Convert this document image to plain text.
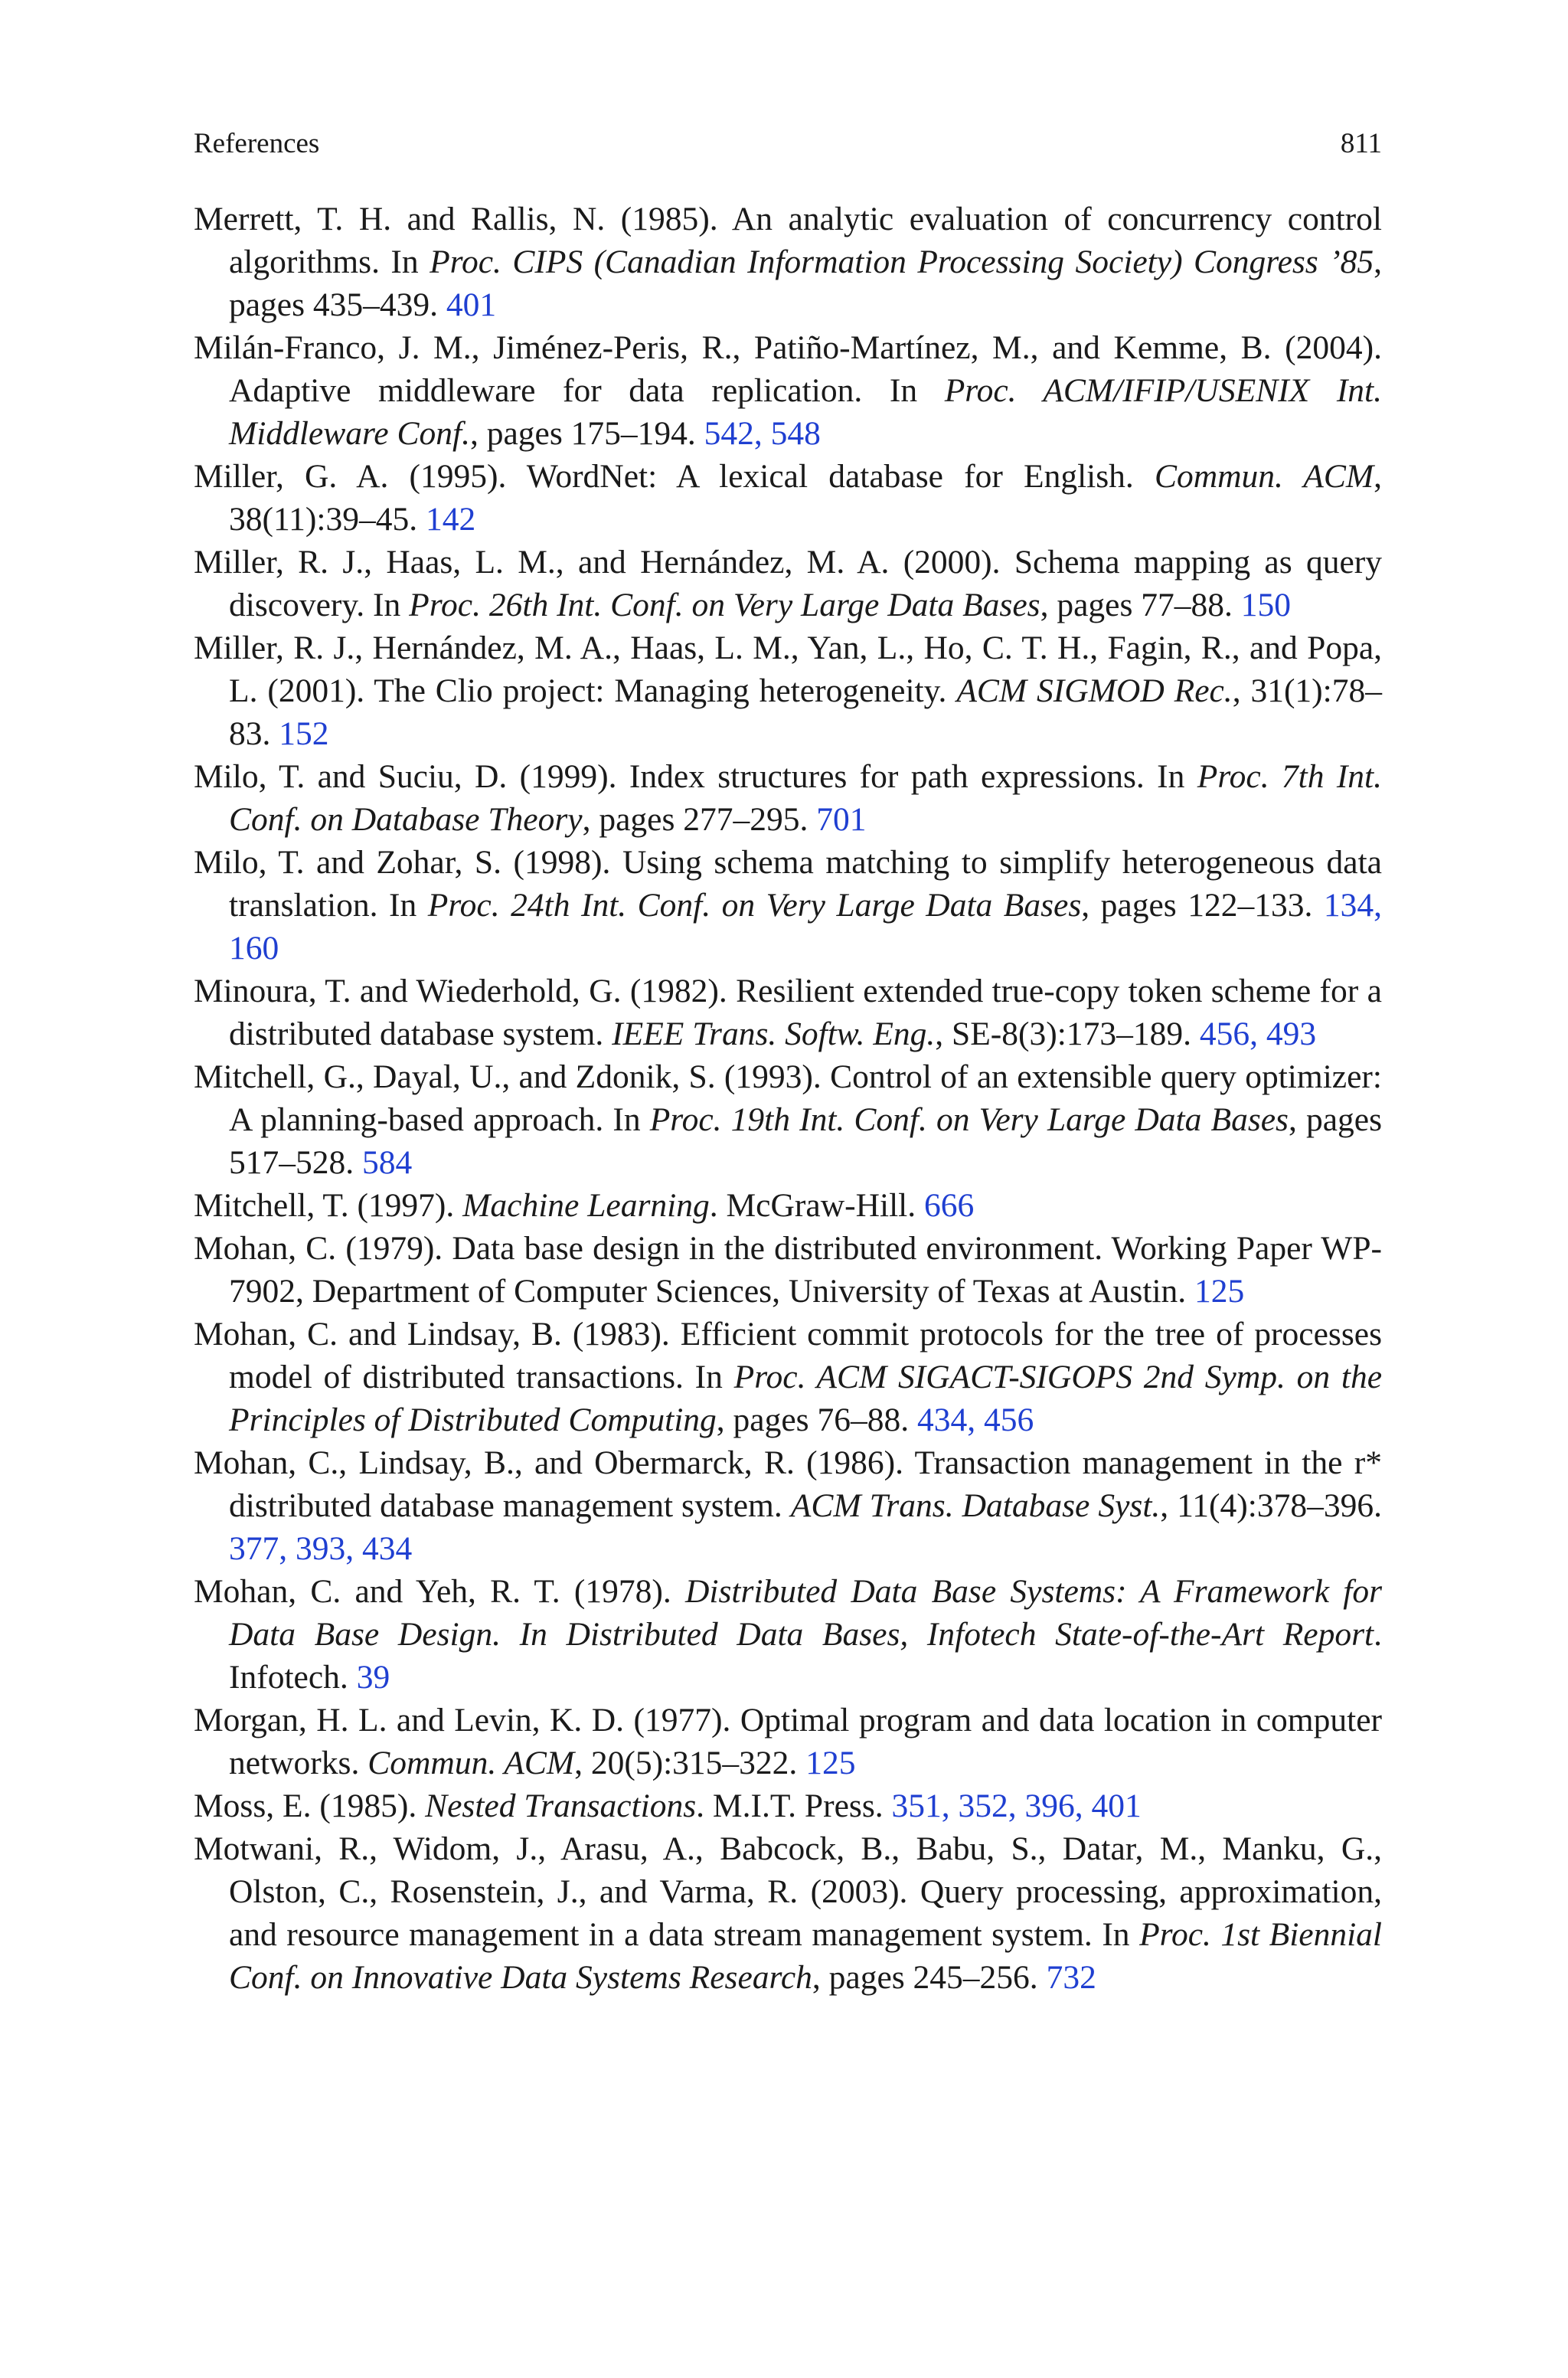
References	811

Merrett, T. H. and Rallis, N. (1985). An analytic evaluation of concurrency control algorithms. In Proc. CIPS (Canadian Information Processing Society) Congress ’85, pages 435–439. 401

Milán-Franco, J. M., Jiménez-Peris, R., Patiño-Martínez, M., and Kemme, B. (2004). Adaptive middleware for data replication. In Proc. ACM/IFIP/USENIX Int. Middleware Conf., pages 175–194. 542, 548

Miller, G. A. (1995). WordNet: A lexical database for English. Commun. ACM, 38(11):39–45. 142

Miller, R. J., Haas, L. M., and Hernández, M. A. (2000). Schema mapping as query discovery. In Proc. 26th Int. Conf. on Very Large Data Bases, pages 77–88. 150

Miller, R. J., Hernández, M. A., Haas, L. M., Yan, L., Ho, C. T. H., Fagin, R., and Popa, L. (2001). The Clio project: Managing heterogeneity. ACM SIGMOD Rec., 31(1):78–83. 152

Milo, T. and Suciu, D. (1999). Index structures for path expressions. In Proc. 7th Int. Conf. on Database Theory, pages 277–295. 701

Milo, T. and Zohar, S. (1998). Using schema matching to simplify heterogeneous data translation. In Proc. 24th Int. Conf. on Very Large Data Bases, pages 122–133. 134, 160

Minoura, T. and Wiederhold, G. (1982). Resilient extended true-copy token scheme for a distributed database system. IEEE Trans. Softw. Eng., SE-8(3):173–189. 456, 493

Mitchell, G., Dayal, U., and Zdonik, S. (1993). Control of an extensible query optimizer: A planning-based approach. In Proc. 19th Int. Conf. on Very Large Data Bases, pages 517–528. 584

Mitchell, T. (1997). Machine Learning. McGraw-Hill. 666

Mohan, C. (1979). Data base design in the distributed environment. Working Paper WP-7902, Department of Computer Sciences, University of Texas at Austin. 125

Mohan, C. and Lindsay, B. (1983). Efficient commit protocols for the tree of processes model of distributed transactions. In Proc. ACM SIGACT-SIGOPS 2nd Symp. on the Principles of Distributed Computing, pages 76–88. 434, 456

Mohan, C., Lindsay, B., and Obermarck, R. (1986). Transaction management in the r* distributed database management system. ACM Trans. Database Syst., 11(4):378–396. 377, 393, 434

Mohan, C. and Yeh, R. T. (1978). Distributed Data Base Systems: A Framework for Data Base Design. In Distributed Data Bases, Infotech State-of-the-Art Report. Infotech. 39

Morgan, H. L. and Levin, K. D. (1977). Optimal program and data location in computer networks. Commun. ACM, 20(5):315–322. 125

Moss, E. (1985). Nested Transactions. M.I.T. Press. 351, 352, 396, 401

Motwani, R., Widom, J., Arasu, A., Babcock, B., Babu, S., Datar, M., Manku, G., Olston, C., Rosenstein, J., and Varma, R. (2003). Query processing, approximation, and resource management in a data stream management system. In Proc. 1st Biennial Conf. on Innovative Data Systems Research, pages 245–256. 732
